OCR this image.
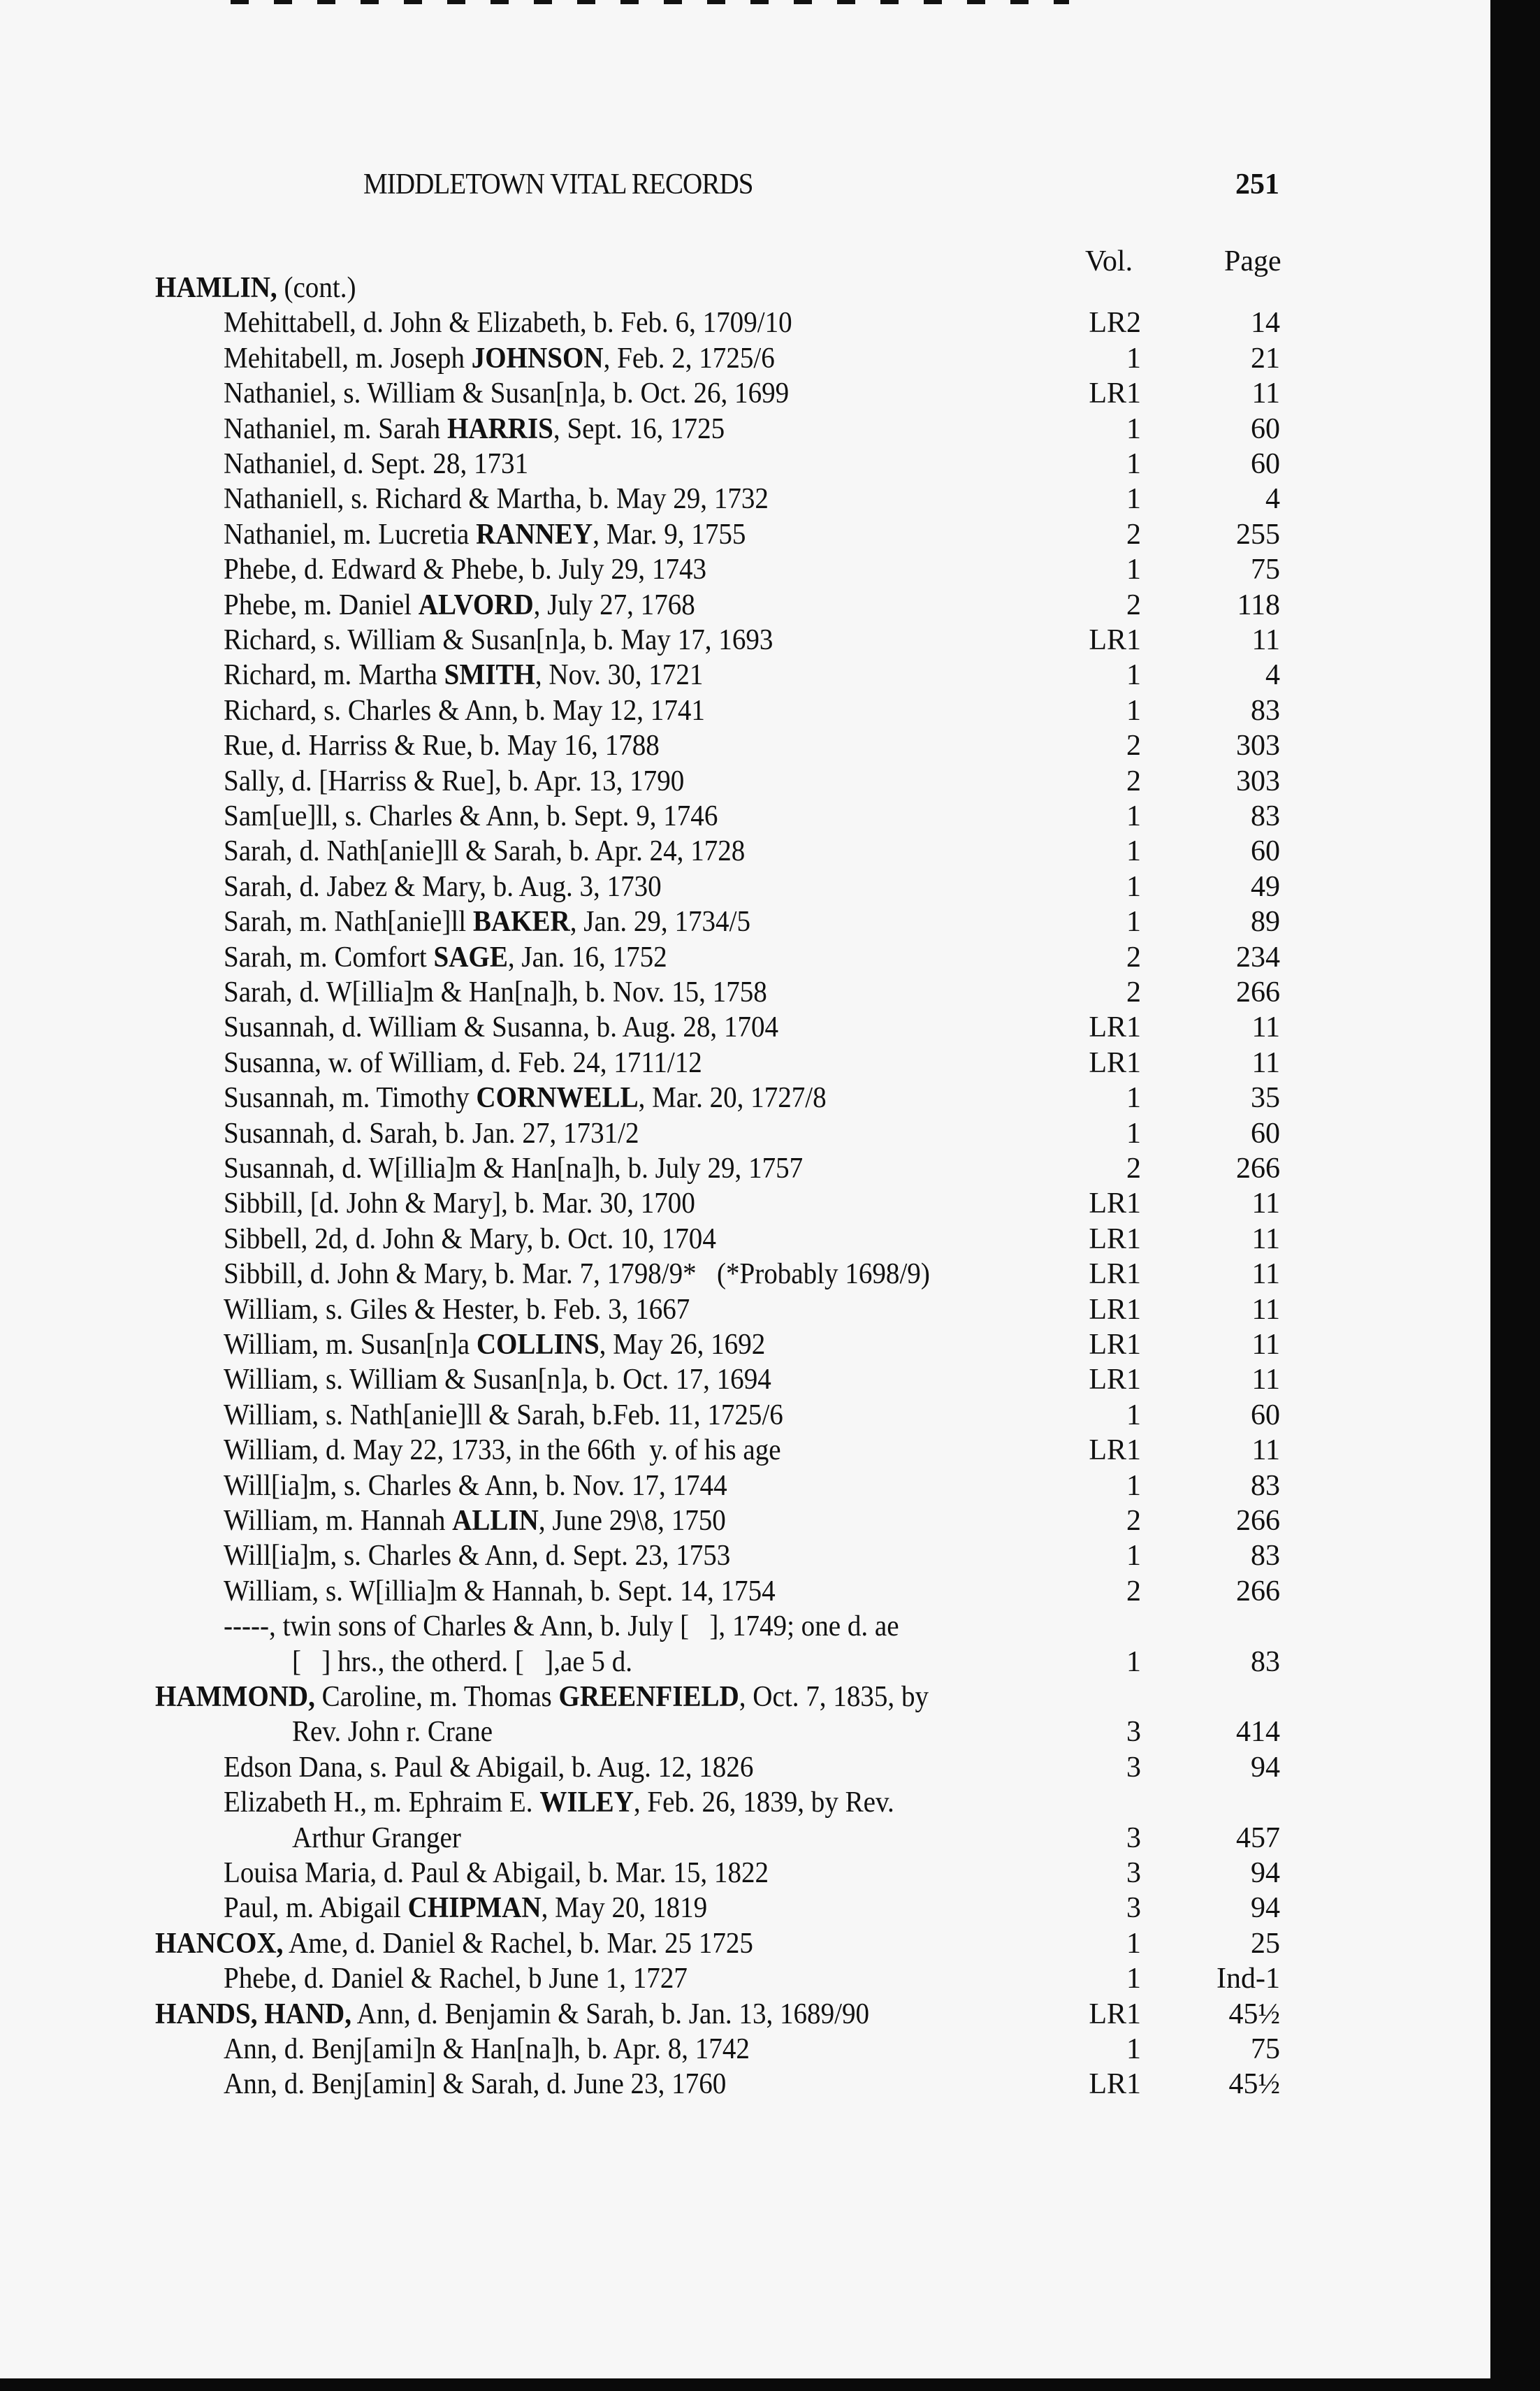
MIDDLETOWN VITAL RECORDS	251
Vol.	Page
HAMLIN, (cont.)
Mehittabell, d. John & Elizabeth, b. Feb. 6, 1709/10	LR2	14
Mehitabell, m. Joseph JOHNSON, Feb. 2, 1725/6	1	21
Nathaniel, s. William & Susan[n]a, b. Oct. 26, 1699	LR1	11
Nathaniel, m. Sarah HARRIS, Sept. 16, 1725	1	60
Nathaniel, d. Sept. 28, 1731	1	60
Nathaniell, s. Richard & Martha, b. May 29, 1732	1	4
Nathaniel, m. Lucretia RANNEY, Mar. 9, 1755	2	255
Phebe, d. Edward & Phebe, b. July 29, 1743	1	75
Phebe, m. Daniel ALVORD, July 27, 1768	2	118
Richard, s. William & Susan[n]a, b. May 17, 1693	LR1	11
Richard, m. Martha SMITH, Nov. 30, 1721	1	4
Richard, s. Charles & Ann, b. May 12, 1741	1	83
Rue, d. Harriss & Rue, b. May 16, 1788	2	303
Sally, d. [Harriss & Rue], b. Apr. 13, 1790	2	303
Sam[ue]ll, s. Charles & Ann, b. Sept. 9, 1746	1	83
Sarah, d. Nath[anie]ll & Sarah, b. Apr. 24, 1728	1	60
Sarah, d. Jabez & Mary, b. Aug. 3, 1730	1	49
Sarah, m. Nath[anie]ll BAKER, Jan. 29, 1734/5	1	89
Sarah, m. Comfort SAGE, Jan. 16, 1752	2	234
Sarah, d. W[illia]m & Han[na]h, b. Nov. 15, 1758	2	266
Susannah, d. William & Susanna, b. Aug. 28, 1704	LR1	11
Susanna, w. of William, d. Feb. 24, 1711/12	LR1	11
Susannah, m. Timothy CORNWELL, Mar. 20, 1727/8	1	35
Susannah, d. Sarah, b. Jan. 27, 1731/2	1	60
Susannah, d. W[illia]m & Han[na]h, b. July 29, 1757	2	266
Sibbill, [d. John & Mary], b. Mar. 30, 1700	LR1	11
Sibbell, 2d, d. John & Mary, b. Oct. 10, 1704	LR1	11
Sibbill, d. John & Mary, b. Mar. 7, 1798/9*   (*Probably 1698/9)	LR1	11
William, s. Giles & Hester, b. Feb. 3, 1667	LR1	11
William, m. Susan[n]a COLLINS, May 26, 1692	LR1	11
William, s. William & Susan[n]a, b. Oct. 17, 1694	LR1	11
William, s. Nath[anie]ll & Sarah, b.Feb. 11, 1725/6	1	60
William, d. May 22, 1733, in the 66th  y. of his age	LR1	11
Will[ia]m, s. Charles & Ann, b. Nov. 17, 1744	1	83
William, m. Hannah ALLIN, June 29\8, 1750	2	266
Will[ia]m, s. Charles & Ann, d. Sept. 23, 1753	1	83
William, s. W[illia]m & Hannah, b. Sept. 14, 1754	2	266
-----, twin sons of Charles & Ann, b. July [   ], 1749; one d. ae
[   ] hrs., the otherd. [   ],ae 5 d.	1	83
HAMMOND, Caroline, m. Thomas GREENFIELD, Oct. 7, 1835, by
Rev. John r. Crane	3	414
Edson Dana, s. Paul & Abigail, b. Aug. 12, 1826	3	94
Elizabeth H., m. Ephraim E. WILEY, Feb. 26, 1839, by Rev.
Arthur Granger	3	457
Louisa Maria, d. Paul & Abigail, b. Mar. 15, 1822	3	94
Paul, m. Abigail CHIPMAN, May 20, 1819	3	94
HANCOX, Ame, d. Daniel & Rachel, b. Mar. 25 1725	1	25
Phebe, d. Daniel & Rachel, b June 1, 1727	1	Ind-1
HANDS, HAND, Ann, d. Benjamin & Sarah, b. Jan. 13, 1689/90	LR1	45½
Ann, d. Benj[ami]n & Han[na]h, b. Apr. 8, 1742	1	75
Ann, d. Benj[amin] & Sarah, d. June 23, 1760	LR1	45½
